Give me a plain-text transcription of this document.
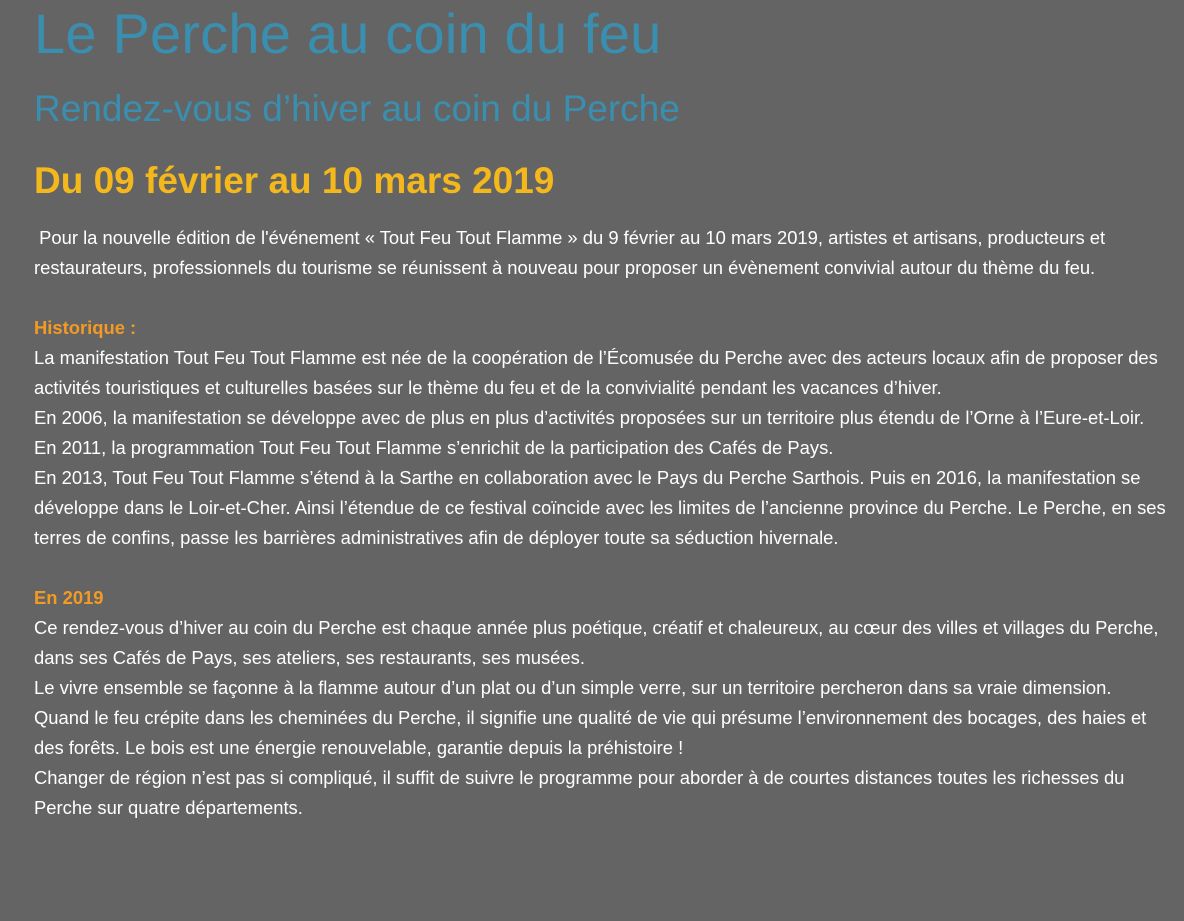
Le Perche au coin du feu
Rendez-vous d’hiver au coin du Perche
Du 09 février au 10 mars 2019

Pour la nouvelle édition de l'événement « Tout Feu Tout Flamme » du 9 février au 10 mars 2019, artistes et artisans, producteurs et restaurateurs, professionnels du tourisme se réunissent à nouveau pour proposer un évènement convivial autour du thème du feu.

Historique :

La manifestation Tout Feu Tout Flamme est née de la coopération de l’Écomusée du Perche avec des acteurs locaux afin de proposer des activités touristiques et culturelles basées sur le thème du feu et de la convivialité pendant les vacances d’hiver.

En 2006, la manifestation se développe avec de plus en plus d’activités proposées sur un territoire plus étendu de l’Orne à l’Eure-et-Loir.

En 2011, la programmation Tout Feu Tout Flamme s’enrichit de la participation des Cafés de Pays.

En 2013, Tout Feu Tout Flamme s’étend à la Sarthe en collaboration avec le Pays du Perche Sarthois. Puis en 2016, la manifestation se développe dans le Loir-et-Cher. Ainsi l’étendue de ce festival coïncide avec les limites de l’ancienne province du Perche. Le Perche, en ses terres de confins, passe les barrières administratives afin de déployer toute sa séduction hivernale.

En 2019

Ce rendez-vous d’hiver au coin du Perche est chaque année plus poétique, créatif et chaleureux, au cœur des villes et villages du Perche, dans ses Cafés de Pays, ses ateliers, ses restaurants, ses musées.

Le vivre ensemble se façonne à la flamme autour d’un plat ou d’un simple verre, sur un territoire percheron dans sa vraie dimension.

Quand le feu crépite dans les cheminées du Perche, il signifie une qualité de vie qui présume l’environnement des bocages, des haies et des forêts. Le bois est une énergie renouvelable, garantie depuis la préhistoire !

Changer de région n’est pas si compliqué, il suffit de suivre le programme pour aborder à de courtes distances toutes les richesses du Perche sur quatre départements.
